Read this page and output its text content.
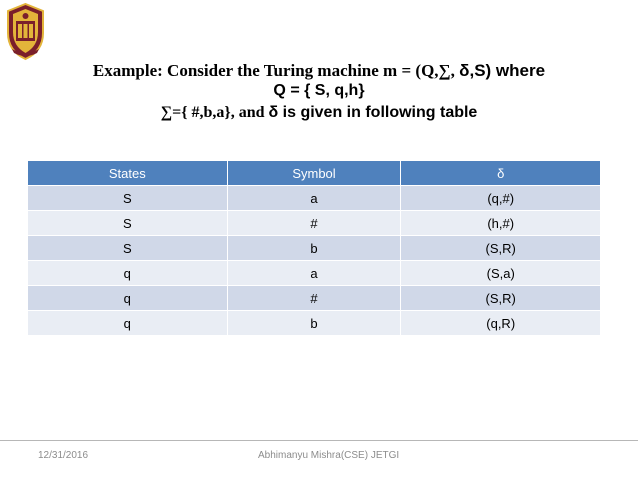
Example: Consider the Turing machine m = (Q,∑, δ,S) where
Q = { S, q,h}
∑={ #,b,a}, and δ is given in following table
States	Symbol	δ
S	a	(q,#)
S	#	(h,#)
S	b	(S,R)
q	a	(S,a)
q	#	(S,R)
q	b	(q,R)
12/31/2016	Abhimanyu Mishra(CSE) JETGI
